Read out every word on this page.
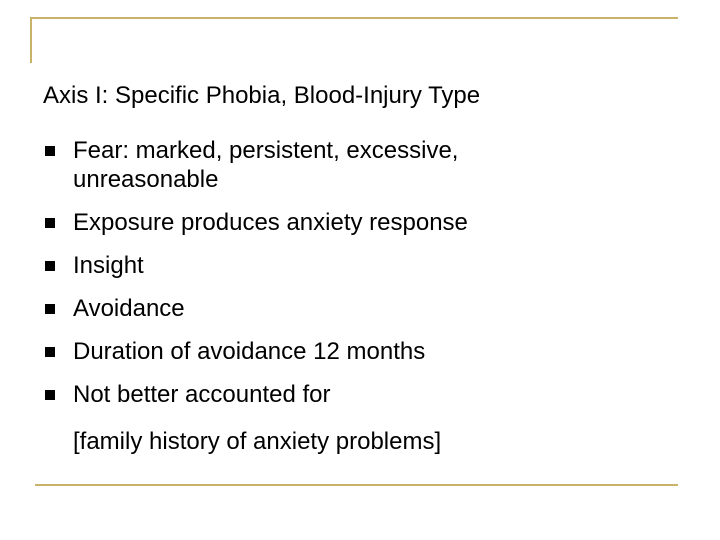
Axis I: Specific Phobia, Blood-Injury Type
Fear: marked, persistent, excessive,
unreasonable
Exposure produces anxiety response
Insight
Avoidance
Duration of avoidance 12 months
Not better accounted for
[family history of anxiety problems]
